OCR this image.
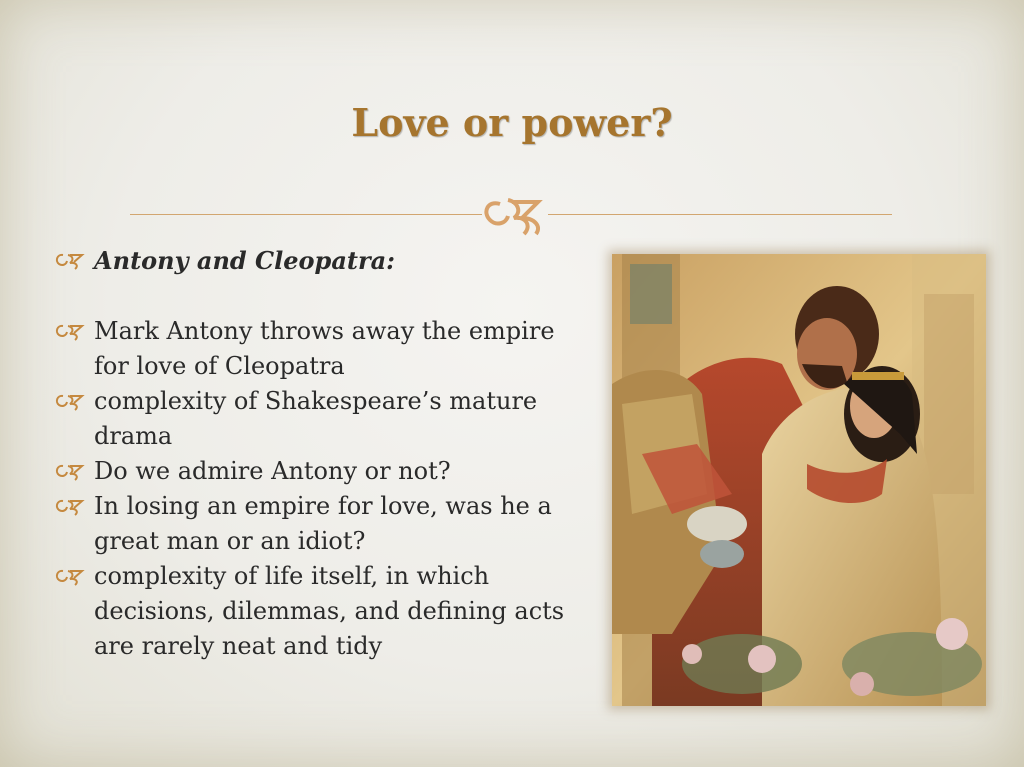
Love or power?
Antony and Cleopatra:
Mark Antony throws away the empire for love of Cleopatra
complexity of Shakespeare’s mature drama
Do we admire Antony or not?
In losing an empire for love, was he a great man or an idiot?
complexity of life itself, in which decisions, dilemmas, and defining acts are rarely neat and tidy
